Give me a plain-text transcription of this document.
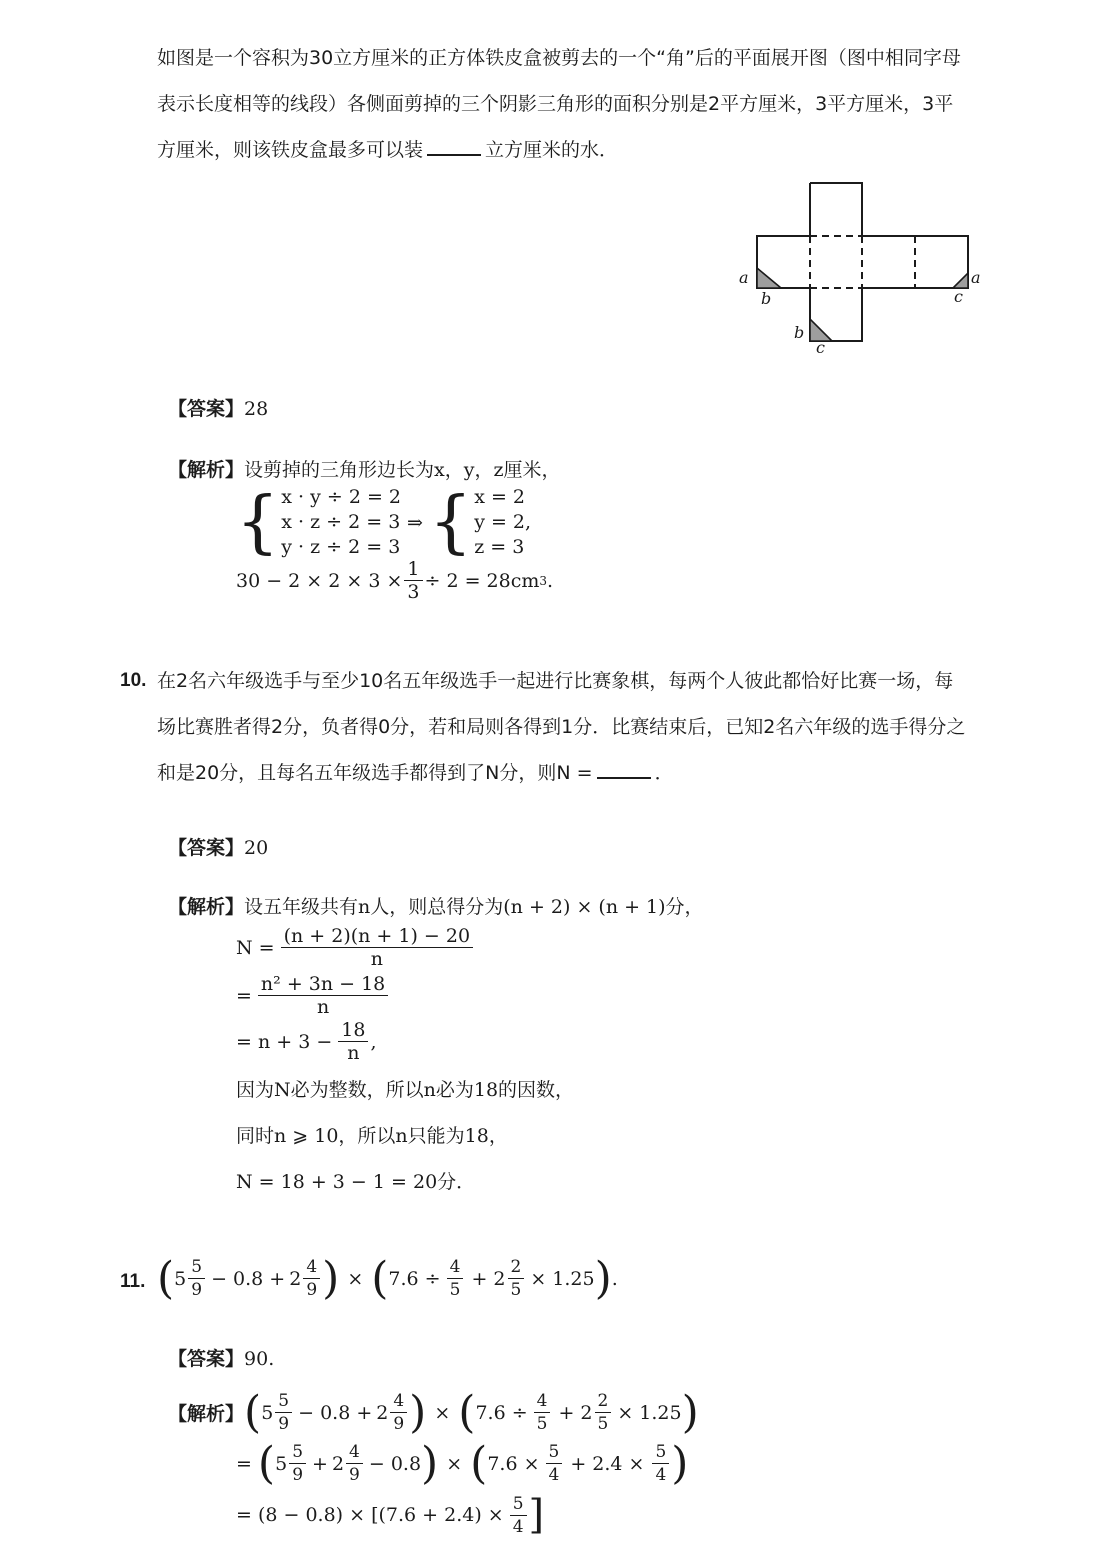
如图是一个容积为30立方厘米的正方体铁皮盒被剪去的一个“角”后的平面展开图（图中相同字母
表示长度相等的线段）各侧面剪掉的三个阴影三角形的面积分别是2平方厘米，3平方厘米，3平
方厘米，则该铁皮盒最多可以装	立方厘米的水．
a
b	c
a
b
c
【答案】28
【解析】设剪掉的三角形边长为x，y，z厘米，
{ x · y ÷ 2 = 2
x · z ÷ 2 = 3
y · z ÷ 2 = 3
⇒ { x = 2
y = 2,
z = 3
$30 - 2 \times 2 \times 3 \times \frac{1}{3} \div 2 = 28cm$ 3 .
10. 在2名六年级选手与至少10名五年级选手一起进行比赛象棋，每两个人彼此都恰好比赛一场，每
场比赛胜者得2分，负者得0分，若和局则各得到1分．比赛结束后，已知2名六年级的选手得分之
和是20分，且每名五年级选手都得到了N分，则N =	．
【答案】20
【解析】设五年级共有n人，则总得分为(n + 2) × (n + 1)分，
$N = \frac{(n + 2)(n + 1) - 20}{n}$
= $\frac{\text{n² + 3n − 18}}{n}$
= $n + 3 - \frac{18}{n}$ ,
因为N必为整数，所以n必为18的因数，
同时n ⩾ 10，所以n只能为18，
N = 18 + 3 − 1 = 20分．
11. ( $5 \frac{5}{9} - 0.8 + 2 \frac{4}{9}$ ) × ( $7.6 \div \frac{4}{5} + 2 \frac{2}{5} \times 1.25$ ) .
【答案】90.
【解析】 ( $5 \frac{5}{9} - 0.8 + 2 \frac{4}{9}$ ) × ( $7.6 \div \frac{4}{5} + 2 \frac{2}{5} \times 1.25$ )
= ( $5 \frac{5}{9} + 2 \frac{4}{9} - 0.8$ ) × ( $7.6 \times \frac{5}{4} + 2.4 \times \frac{5}{4}$ )
= $(8 - 0.8) \times [(7.6 + 2.4) \times \frac{5}{4}$ ]
